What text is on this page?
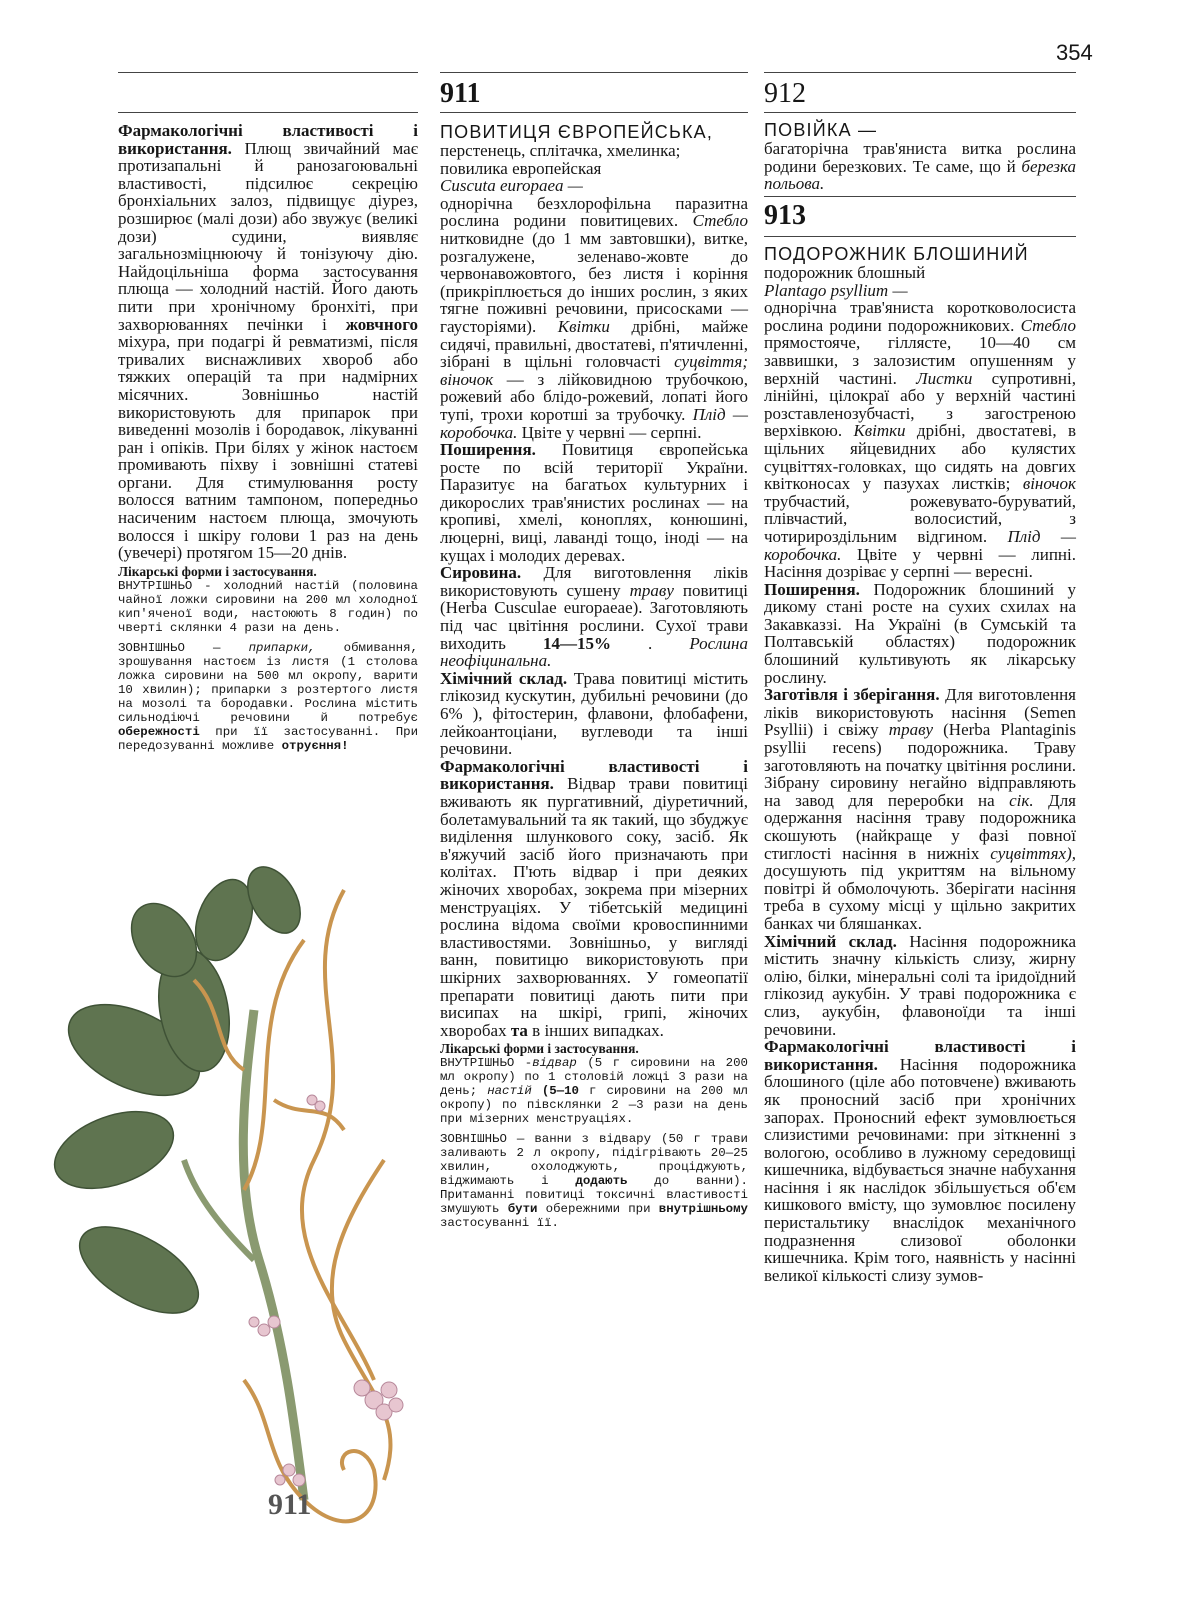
354

Фармакологічні властивості і використання. Плющ звичайний має протизапальні й ранозагоювальні властивості, підсилює секрецію бронхіальних залоз, підвищує діурез, розширює (малі дози) або звужує (великі дози) судини, виявляє загальнозміцнюючу й тонізуючу дію. Найдоцільніша форма застосування плюща — холодний настій. Його дають пити при хронічному бронхіті, при захворюваннях печінки і жовчного міхура, при подагрі й ревматизмі, після тривалих виснажливих хвороб або тяжких операцій та при надмірних місячних. Зовнішньо настій використовують для припарок при виведенні мозолів і бородавок, лікуванні ран і опіків. При білях у жінок настоєм промивають піхву і зовнішні статеві органи. Для стимулювання росту волосся ватним тампоном, попередньо насиченим настоєм плюща, змочують волосся і шкіру голови 1 раз на день (увечері) протягом 15—20 днів.

Лікарські форми і застосування.

ВНУТРІШНЬО - холодний настій (половина чайної ложки сировини на 200 мл холодної кип'яченої води, настоюють 8 годин) по чверті склянки 4 рази на день.

ЗОВНІШНЬО — припарки, обмивання, зрошування настоєм із листя (1 столова ложка сировини на 500 мл окропу, варити 10 хвилин); припарки з розтертого листя на мозолі та бородавки. Рослина містить сильнодіючі речовини й потребує обережності при її застосуванні. При передозуванні можливе отруєння!

911
911
ПОВИТИЦЯ ЄВРОПЕЙСЬКА,

перстенець, сплітачка, хмелинка;

повилика европейская

Cuscuta europaea —

однорічна безхлорофільна паразитна рослина родини повитицевих. Стебло нитковидне (до 1 мм завтовшки), витке, розгалужене, зеленаво-жовте до червонавожовтого, без листя і коріння (прикріплюється до інших рослин, з яких тягне поживні речовини, присосками — гаусторіями). Квітки дрібні, майже сидячі, правильні, двостатеві, п'ятичленні, зібрані в щільні головчасті суцвіття; віночок — з лійковидною трубочкою, рожевий або блідо-рожевий, лопаті його тупі, трохи коротші за трубочку. Плід — коробочка. Цвіте у червні — серпні.

Поширення. Повитиця європейська росте по всій території України. Паразитує на багатьох культурних і дикорослих трав'янистих рослинах — на кропиві, хмелі, коноплях, конюшині, люцерні, виці, лаванді тощо, іноді — на кущах і молодих деревах.

Сировина. Для виготовлення ліків використовують сушену траву повитиці (Herba Cusculae europaeae). Заготовляють під час цвітіння рослини. Сухої трави виходить 14—15% . Рослина неофіцинальна.

Хімічний склад. Трава повитиці містить глікозид кускутин, дубильні речовини (до 6% ), фітостерин, флавони, флобафени, лейкоантоціани, вуглеводи та інші речовини.

Фармакологічні властивості і використання. Відвар трави повитиці вживають як пургативний, діуретичний, болетамувальний та як такий, що збуджує виділення шлункового соку, засіб. Як в'яжучий засіб його призначають при колітах. П'ють відвар і при деяких жіночих хворобах, зокрема при мізерних менструаціях. У тібетській медицині рослина відома своїми кровоспинними властивостями. Зовнішньо, у вигляді ванн, повитицю використовують при шкірних захворюваннях. У гомеопатії препарати повитиці дають пити при висипах на шкірі, грипі, жіночих хворобах та в інших випадках.

Лікарські форми і застосування.

ВНУТРІШНЬО -відвар (5 г сировини на 200 мл окропу) по 1 столовій ложці 3 рази на день; настій (5—10 г сировини на 200 мл окропу) по півсклянки 2 —3 рази на день при мізерних менструаціях.

ЗОВНІШНЬО — ванни з відвару (50 г трави заливають 2 л окропу, підігрівають 20—25 хвилин, охолоджують, проціджують, віджимають і додають до ванни). Притаманні повитиці токсичні властивості змушують бути обережними при внутрішньому застосуванні її.

912
ПОВІЙКА —

багаторічна трав'яниста витка рослина родини березкових. Те саме, що й березка польова.

913
ПОДОРОЖНИК БЛОШИНИЙ

подорожник блошный

Plantago psyllium —

однорічна трав'яниста коротковолосиста рослина родини подорожникових. Стебло прямостояче, гіллясте, 10—40 см заввишки, з залозистим опушенням у верхній частині. Листки супротивні, лінійні, цілокраї або у верхній частині розставленозубчасті, з загостреною верхівкою. Квітки дрібні, двостатеві, в щільних яйцевидних або кулястих суцвіттях-головках, що сидять на довгих квітконосах у пазухах листків; віночок трубчастий, рожевувато-буруватий, плівчастий, волосистий, з чотирироздільним відгином. Плід — коробочка. Цвіте у червні — липні. Насіння дозріває у серпні — вересні.

Поширення. Подорожник блошиний у дикому стані росте на сухих схилах на Закавказзі. На Україні (в Сумській та Полтавській областях) подорожник блошиний культивують як лікарську рослину.

Заготівля і зберігання. Для виготовлення ліків використовують насіння (Semen Psyllii) і свіжу траву (Herba Plantaginis psyllii recens) подорожника. Траву заготовляють на початку цвітіння рослини. Зібрану сировину негайно відправляють на завод для переробки на сік. Для одержання насіння траву подорожника скошують (найкраще у фазі повної стиглості насіння в нижніх суцвіттях), досушують під укриттям на вільному повітрі й обмолочують. Зберігати насіння треба в сухому місці у щільно закритих банках чи бляшанках.

Хімічний склад. Насіння подорожника містить значну кількість слизу, жирну олію, білки, мінеральні солі та іридоїдний глікозид аукубін. У траві подорожника є слиз, аукубін, флавоноїди та інші речовини.

Фармакологічні властивості і використання. Насіння подорожника блошиного (ціле або потовчене) вживають як проносний засіб при хронічних запорах. Проносний ефект зумовлюється слизистими речовинами: при зіткненні з вологою, особливо в лужному середовищі кишечника, відбувається значне набухання насіння і як наслідок збільшується об'єм кишкового вмісту, що зумовлює посилену перистальтику внаслідок механічного подразнення слизової оболонки кишечника. Крім того, наявність у насінні великої кількості слизу зумов-
